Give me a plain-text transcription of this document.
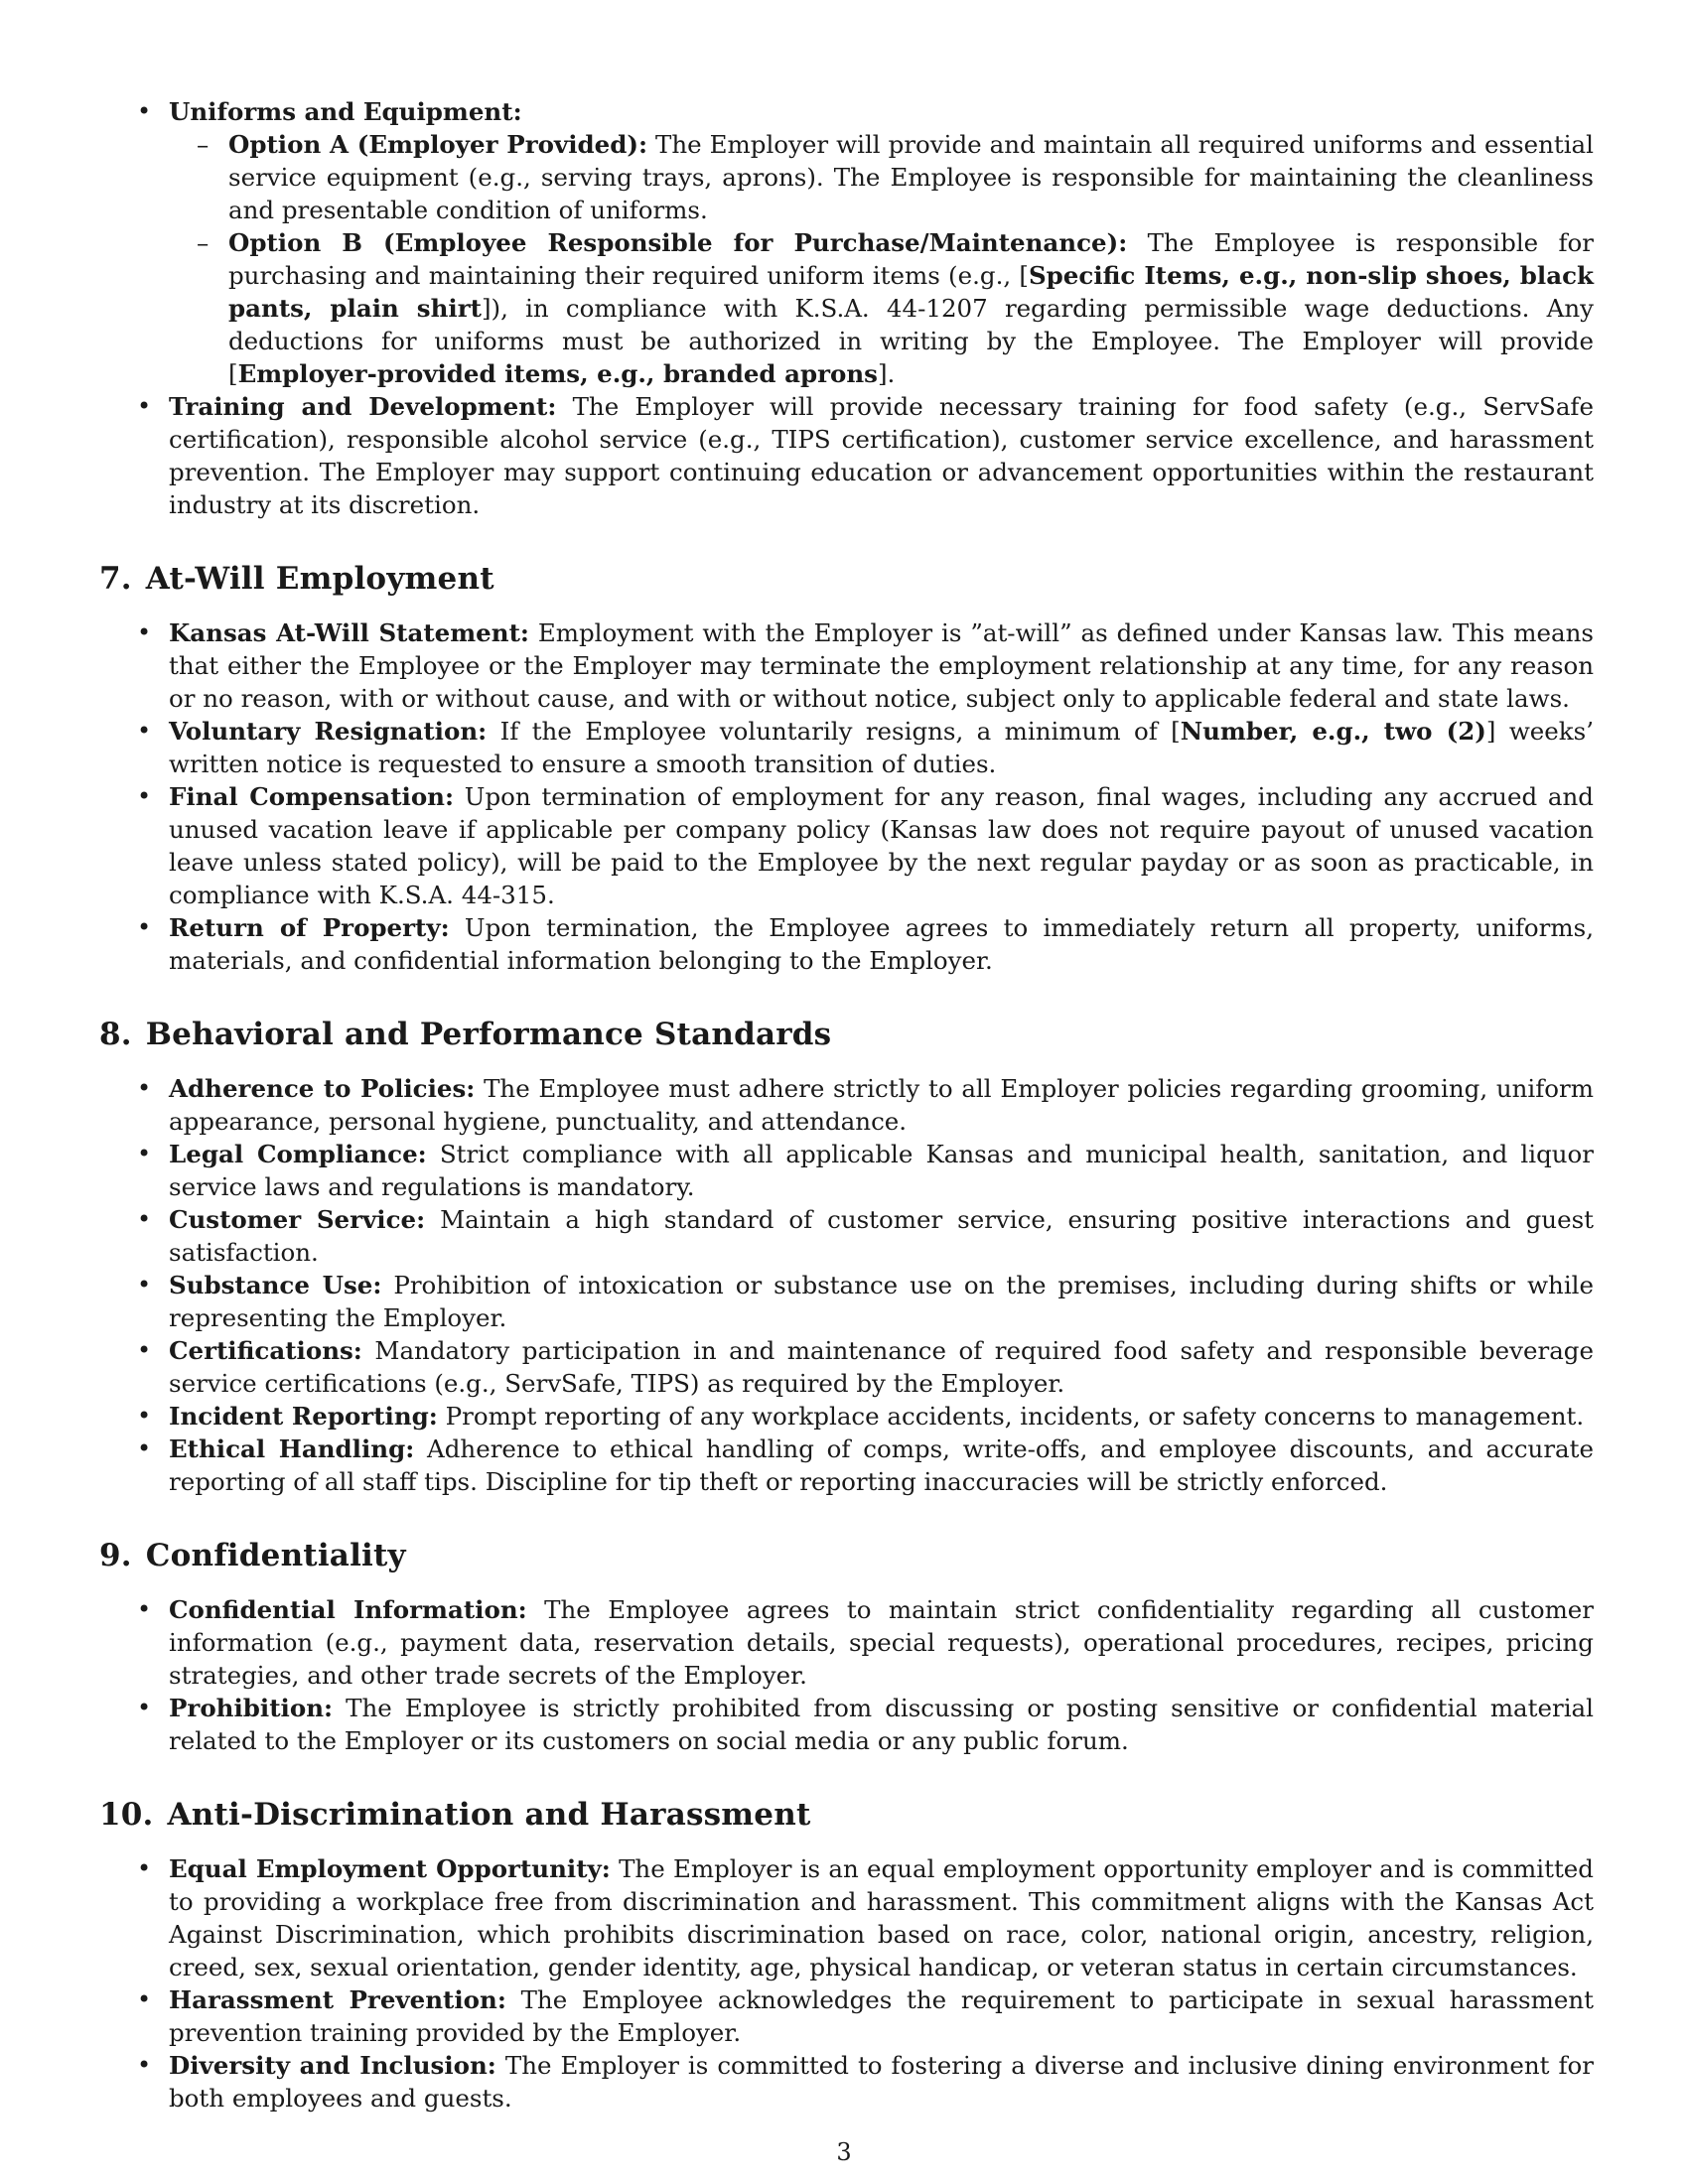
• Uniforms and Equipment:
– Option A (Employer Provided): The Employer will provide and maintain all required uniforms and essential service equipment (e.g., serving trays, aprons). The Employee is responsible for maintaining the cleanliness and presentable condition of uniforms.
– Option B (Employee Responsible for Purchase/Maintenance): The Employee is responsible for purchasing and maintaining their required uniform items (e.g., [Specific Items, e.g., non-slip shoes, black pants, plain shirt]), in compliance with K.S.A. 44-1207 regarding permissible wage deductions. Any deductions for uniforms must be authorized in writing by the Employee. The Employer will provide [Employer-provided items, e.g., branded aprons].
• Training and Development: The Employer will provide necessary training for food safety (e.g., ServSafe certification), responsible alcohol service (e.g., TIPS certification), customer service excellence, and harassment prevention. The Employer may support continuing education or advancement opportunities within the restaurant industry at its discretion.
7. At-Will Employment
• Kansas At-Will Statement: Employment with the Employer is ”at-will” as defined under Kansas law. This means that either the Employee or the Employer may terminate the employment relationship at any time, for any reason or no reason, with or without cause, and with or without notice, subject only to applicable federal and state laws.
• Voluntary Resignation: If the Employee voluntarily resigns, a minimum of [Number, e.g., two (2)] weeks’ written notice is requested to ensure a smooth transition of duties.
• Final Compensation: Upon termination of employment for any reason, final wages, including any accrued and unused vacation leave if applicable per company policy (Kansas law does not require payout of unused vacation leave unless stated policy), will be paid to the Employee by the next regular payday or as soon as practicable, in compliance with K.S.A. 44-315.
• Return of Property: Upon termination, the Employee agrees to immediately return all property, uniforms, materials, and confidential information belonging to the Employer.
8. Behavioral and Performance Standards
• Adherence to Policies: The Employee must adhere strictly to all Employer policies regarding grooming, uniform appearance, personal hygiene, punctuality, and attendance.
• Legal Compliance: Strict compliance with all applicable Kansas and municipal health, sanitation, and liquor service laws and regulations is mandatory.
• Customer Service: Maintain a high standard of customer service, ensuring positive interactions and guest satisfaction.
• Substance Use: Prohibition of intoxication or substance use on the premises, including during shifts or while representing the Employer.
• Certifications: Mandatory participation in and maintenance of required food safety and responsible beverage service certifications (e.g., ServSafe, TIPS) as required by the Employer.
• Incident Reporting: Prompt reporting of any workplace accidents, incidents, or safety concerns to management.
• Ethical Handling: Adherence to ethical handling of comps, write-offs, and employee discounts, and accurate reporting of all staff tips. Discipline for tip theft or reporting inaccuracies will be strictly enforced.
9. Confidentiality
• Confidential Information: The Employee agrees to maintain strict confidentiality regarding all customer information (e.g., payment data, reservation details, special requests), operational procedures, recipes, pricing strategies, and other trade secrets of the Employer.
• Prohibition: The Employee is strictly prohibited from discussing or posting sensitive or confidential material related to the Employer or its customers on social media or any public forum.
10. Anti-Discrimination and Harassment
• Equal Employment Opportunity: The Employer is an equal employment opportunity employer and is committed to providing a workplace free from discrimination and harassment. This commitment aligns with the Kansas Act Against Discrimination, which prohibits discrimination based on race, color, national origin, ancestry, religion, creed, sex, sexual orientation, gender identity, age, physical handicap, or veteran status in certain circumstances.
• Harassment Prevention: The Employee acknowledges the requirement to participate in sexual harassment prevention training provided by the Employer.
• Diversity and Inclusion: The Employer is committed to fostering a diverse and inclusive dining environment for both employees and guests.
3
